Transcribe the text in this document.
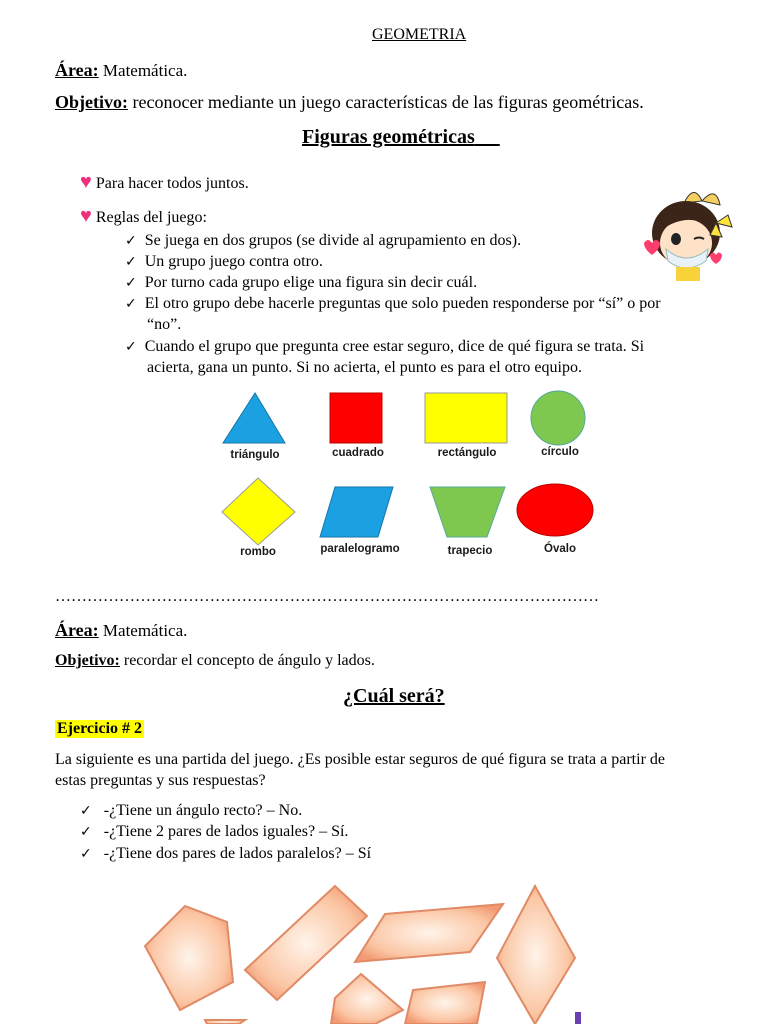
GEOMETRIA
Área: Matemática.
Objetivo: reconocer mediante un juego características de las figuras geométricas.
Figuras geométricas
♥ Para hacer todos juntos.
♥ Reglas del juego:
✓ Se juega en dos grupos (se divide al agrupamiento en dos).
✓ Un grupo juego contra otro.
✓ Por turno cada grupo elige una figura sin decir cuál.
✓ El otro grupo debe hacerle preguntas que solo pueden responderse por “sí” o por
“no”.
✓ Cuando el grupo que pregunta cree estar seguro, dice de qué figura se trata. Si
acierta, gana un punto. Si no acierta, el punto es para el otro equipo.
triángulo	cuadrado	rectángulo	círculo
rombo	paralelogramo	trapecio	Óvalo
…………………………………………………………………………………………
Área: Matemática.
Objetivo: recordar el concepto de ángulo y lados.
¿Cuál será?
Ejercicio # 2
La siguiente es una partida del juego. ¿Es posible estar seguros de qué figura se trata a partir de
estas preguntas y sus respuestas?
✓ -¿Tiene un ángulo recto? – No.
✓ -¿Tiene 2 pares de lados iguales? – Sí.
✓ -¿Tiene dos pares de lados paralelos? – Sí
